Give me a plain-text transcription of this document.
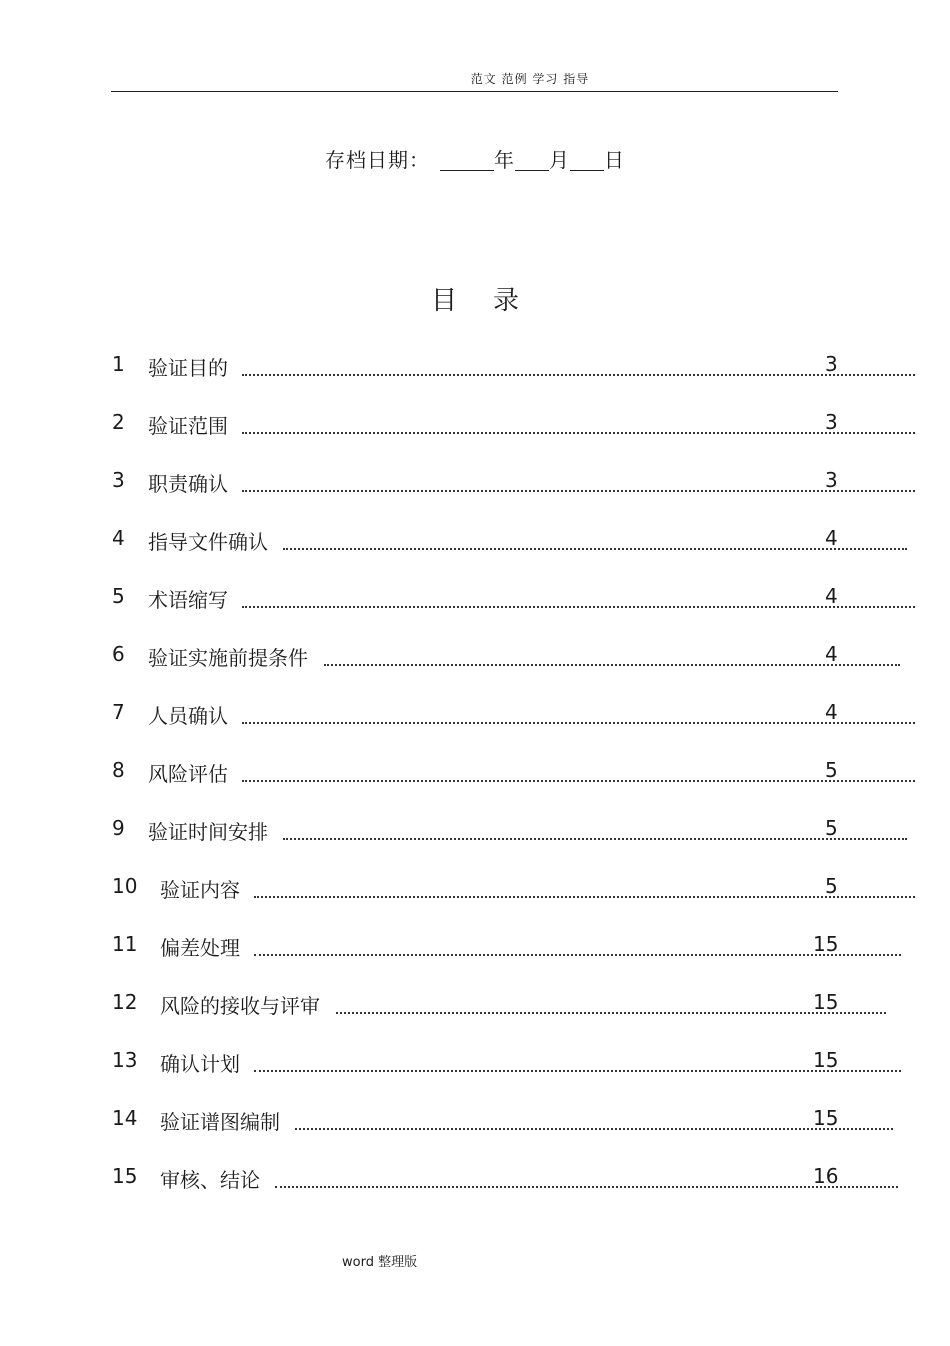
范文 范例 学习 指导
存档日期：	年 月 日
目录
1 验证目的	3
2 验证范围	3
3 职责确认	3
4 指导文件确认	4
5 术语缩写	4
6 验证实施前提条件	4
7 人员确认	4
8 风险评估	5
9 验证时间安排	5
10 验证内容	5
11 偏差处理	15
12 风险的接收与评审	15
13 确认计划	15
14 验证谱图编制	15
15 审核、结论	16
word 整理版
